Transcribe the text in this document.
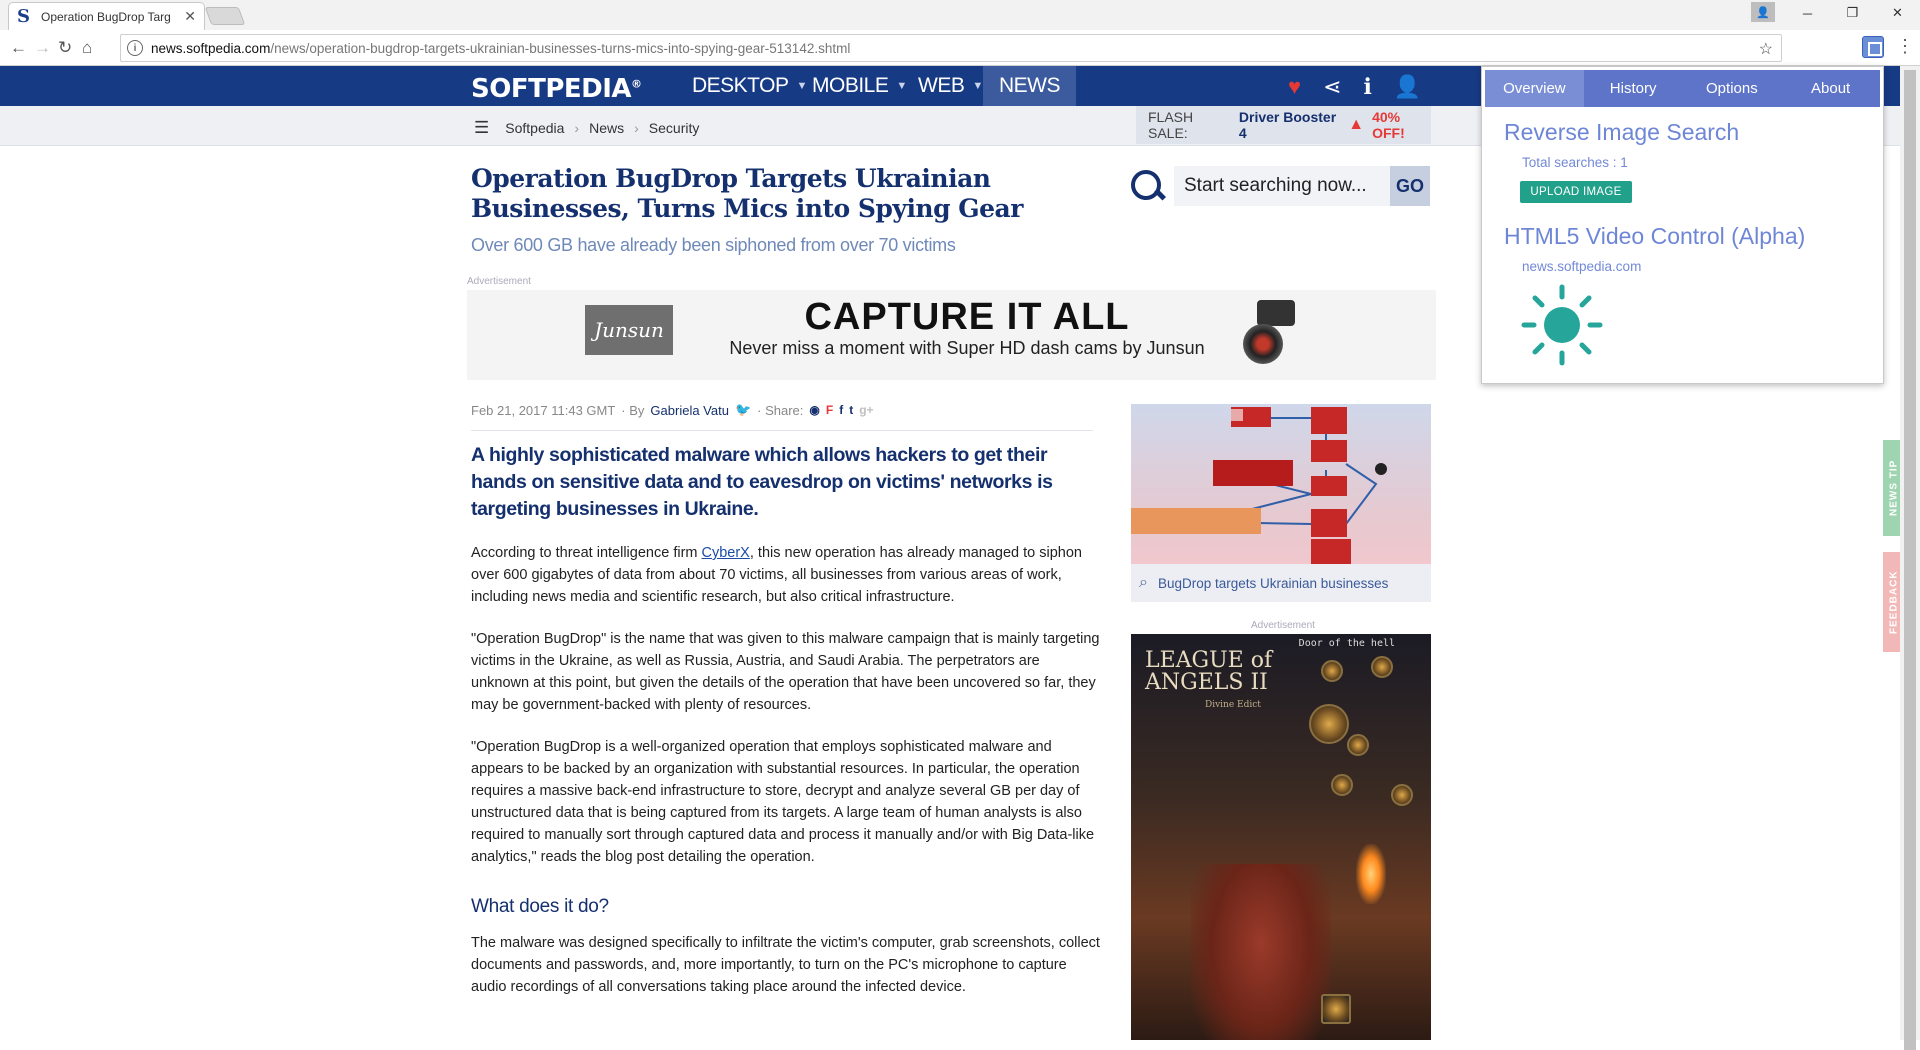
S Operation BugDrop Targ ✕	👤	─	❐	✕
← → ↻ ⌂	i	news.softpedia.com /news/operation-bugdrop-targets-ukrainian-businesses-turns-mics-into-spying-gear-513142.shtml	☆	⋮
SOFTPEDIA® DESKTOP ▼ MOBILE ▼ WEB ▼ NEWS	♥ ⋖ ℹ 👤
☰ Softpedia › News › Security
FLASH SALE:
Driver Booster 4	▲ 40% OFF!
Operation BugDrop Targets Ukrainian Businesses, Turns Mics into Spying Gear
Over 600 GB have already been siphoned from over 70 victims
Start searching now...	GO
Advertisement
Junsun	CAPTURE IT ALL
Never miss a moment with Super HD dash cams by Junsun
Feb 21, 2017 11:43 GMT · By Gabriela Vatu 🐦 · Share: ◉ F f t g+
A highly sophisticated malware which allows hackers to get their hands on sensitive data and to eavesdrop on victims' networks is targeting businesses in Ukraine.
According to threat intelligence firm CyberX, this new operation has already managed to siphon over 600 gigabytes of data from about 70 victims, all businesses from various areas of work, including news media and scientific research, but also critical infrastructure.
"Operation BugDrop" is the name that was given to this malware campaign that is mainly targeting victims in the Ukraine, as well as Russia, Austria, and Saudi Arabia. The perpetrators are unknown at this point, but given the details of the operation that have been uncovered so far, they may be government-backed with plenty of resources.
"Operation BugDrop is a well-organized operation that employs sophisticated malware and appears to be backed by an organization with substantial resources. In particular, the operation requires a massive back-end infrastructure to store, decrypt and analyze several GB per day of unstructured data that is being captured from its targets. A large team of human analysts is also required to manually sort through captured data and process it manually and/or with Big Data-like analytics," reads the blog post detailing the operation.
What does it do?
The malware was designed specifically to infiltrate the victim's computer, grab screenshots, collect documents and passwords, and, more importantly, to turn on the PC's microphone to capture audio recordings of all conversations taking place around the infected device.
⌕ BugDrop targets Ukrainian businesses
Advertisement
LEAGUE of
ANGELS II
Divine Edict
Door of the hell
NEWS TIP
FEEDBACK
Overview	History	Options	About
Reverse Image Search
Total searches : 1
UPLOAD IMAGE
HTML5 Video Control (Alpha)
news.softpedia.com
